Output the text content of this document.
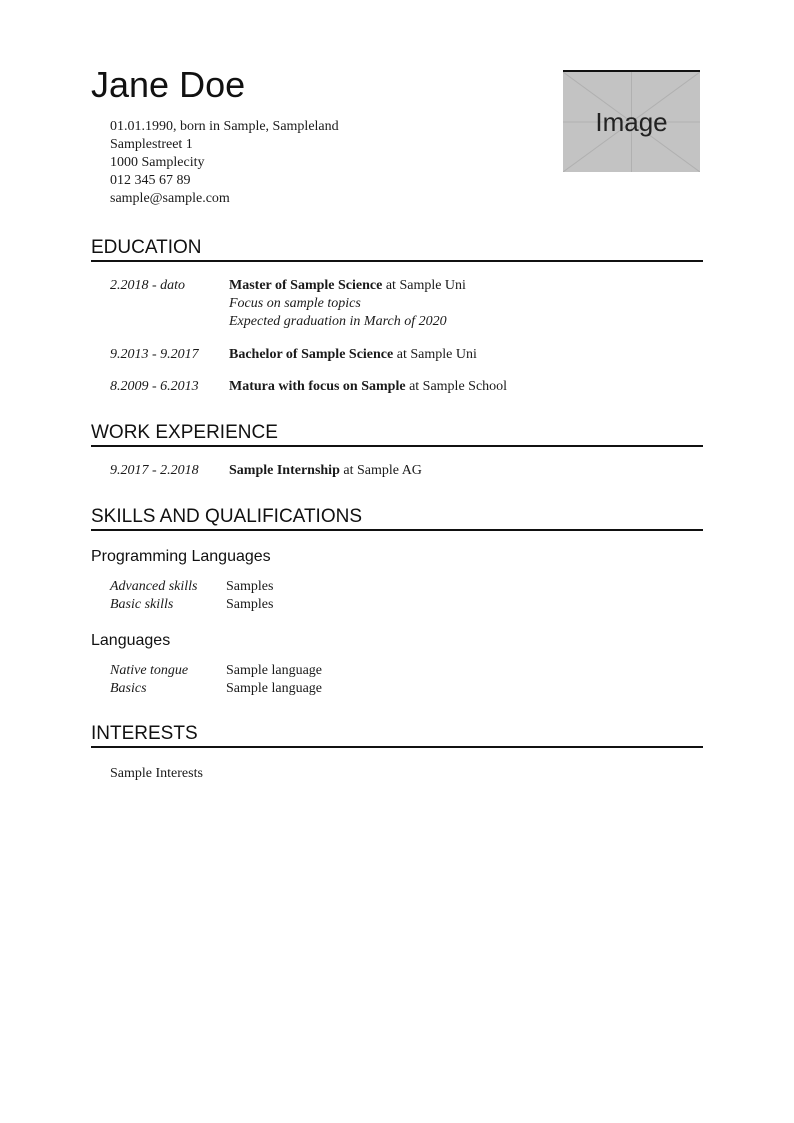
Jane Doe
01.01.1990, born in Sample, Sampleland
Samplestreet 1
1000 Samplecity
012 345 67 89
sample@sample.com
Image
EDUCATION
2.2018 - dato	Master of Sample Science at Sample Uni
Focus on sample topics
Expected graduation in March of 2020
9.2013 - 9.2017	Bachelor of Sample Science at Sample Uni
8.2009 - 6.2013	Matura with focus on Sample at Sample School
WORK EXPERIENCE
9.2017 - 2.2018	Sample Internship at Sample AG
SKILLS AND QUALIFICATIONS
Programming Languages
Advanced skills	Samples
Basic skills	Samples
Languages
Native tongue	Sample language
Basics	Sample language
INTERESTS
Sample Interests
